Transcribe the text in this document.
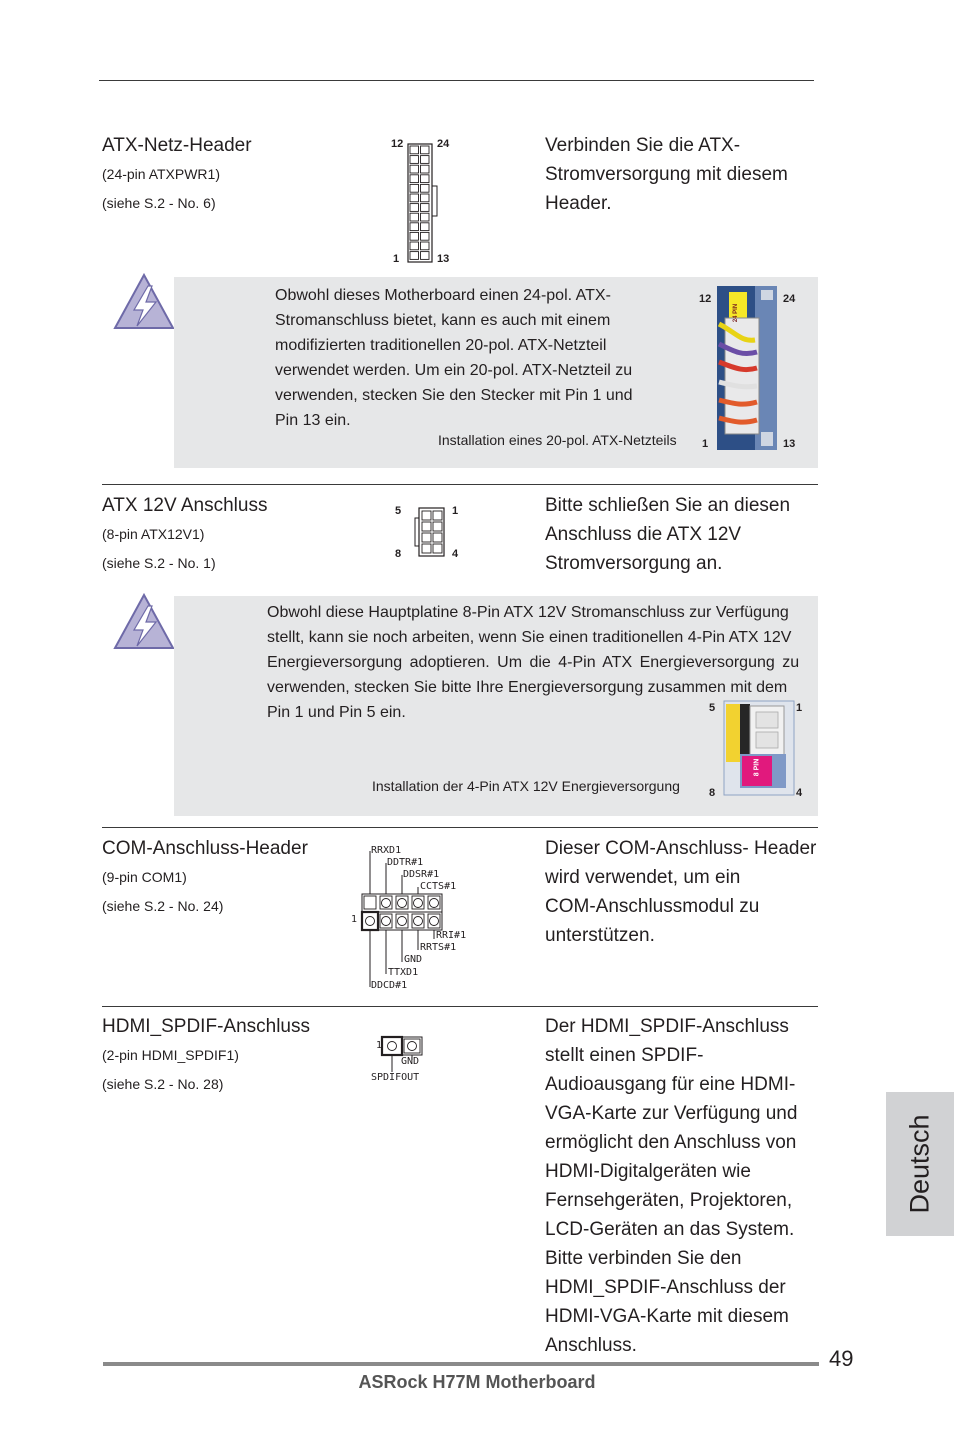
ATX-Netz-Header
(24-pin ATXPWR1)
(siehe S.2 - No. 6)
12	24
1	13
Verbinden Sie die ATX-
Stromversorgung mit diesem
Header.
Obwohl dieses Motherboard einen 24-pol. ATX-
Stromanschluss bietet, kann es auch mit einem
modifizierten traditionellen 20-pol. ATX-Netzteil
verwendet werden. Um ein 20-pol. ATX-Netzteil zu
verwenden, stecken Sie den Stecker mit Pin 1 und
Pin 13 ein.
Installation eines 20-pol. ATX-Netzteils
12	24
24 PIN
1	13
ATX 12V Anschluss
(8-pin ATX12V1)
(siehe S.2 - No. 1)
5	1
8	4
Bitte schließen Sie an diesen
Anschluss die ATX 12V
Stromversorgung an.
Obwohl diese Hauptplatine 8-Pin ATX 12V Stromanschluss zur Verfügung
stellt, kann sie noch arbeiten, wenn Sie einen traditionellen 4-Pin ATX 12V
Energieversorgung adoptieren. Um die 4-Pin ATX Energieversorgung zu
verwenden, stecken Sie bitte Ihre Energieversorgung zusammen mit dem
Pin 1 und Pin 5 ein.
Installation der 4-Pin ATX 12V Energieversorgung
5	1
8 PIN
8	4
COM-Anschluss-Header
(9-pin COM1)
(siehe S.2 - No. 24)
RRXD1
DDTR#1
DDSR#1
CCTS#1
1
RRI#1
RRTS#1
GND
TTXD1
DDCD#1
Dieser COM-Anschluss- Header
wird verwendet, um ein
COM-Anschlussmodul zu
unterstützen.
HDMI_SPDIF-Anschluss
(2-pin HDMI_SPDIF1)
(siehe S.2 - No. 28)
1
GND
SPDIFOUT
Der HDMI_SPDIF-Anschluss
stellt einen SPDIF-
Audioausgang für eine HDMI-
VGA-Karte zur Verfügung und
ermöglicht den Anschluss von
HDMI-Digitalgeräten wie
Fernsehgeräten, Projektoren,
LCD-Geräten an das System.
Bitte verbinden Sie den
HDMI_SPDIF-Anschluss der
HDMI-VGA-Karte mit diesem
Anschluss.
Deutsch
49
ASRock H77M Motherboard
